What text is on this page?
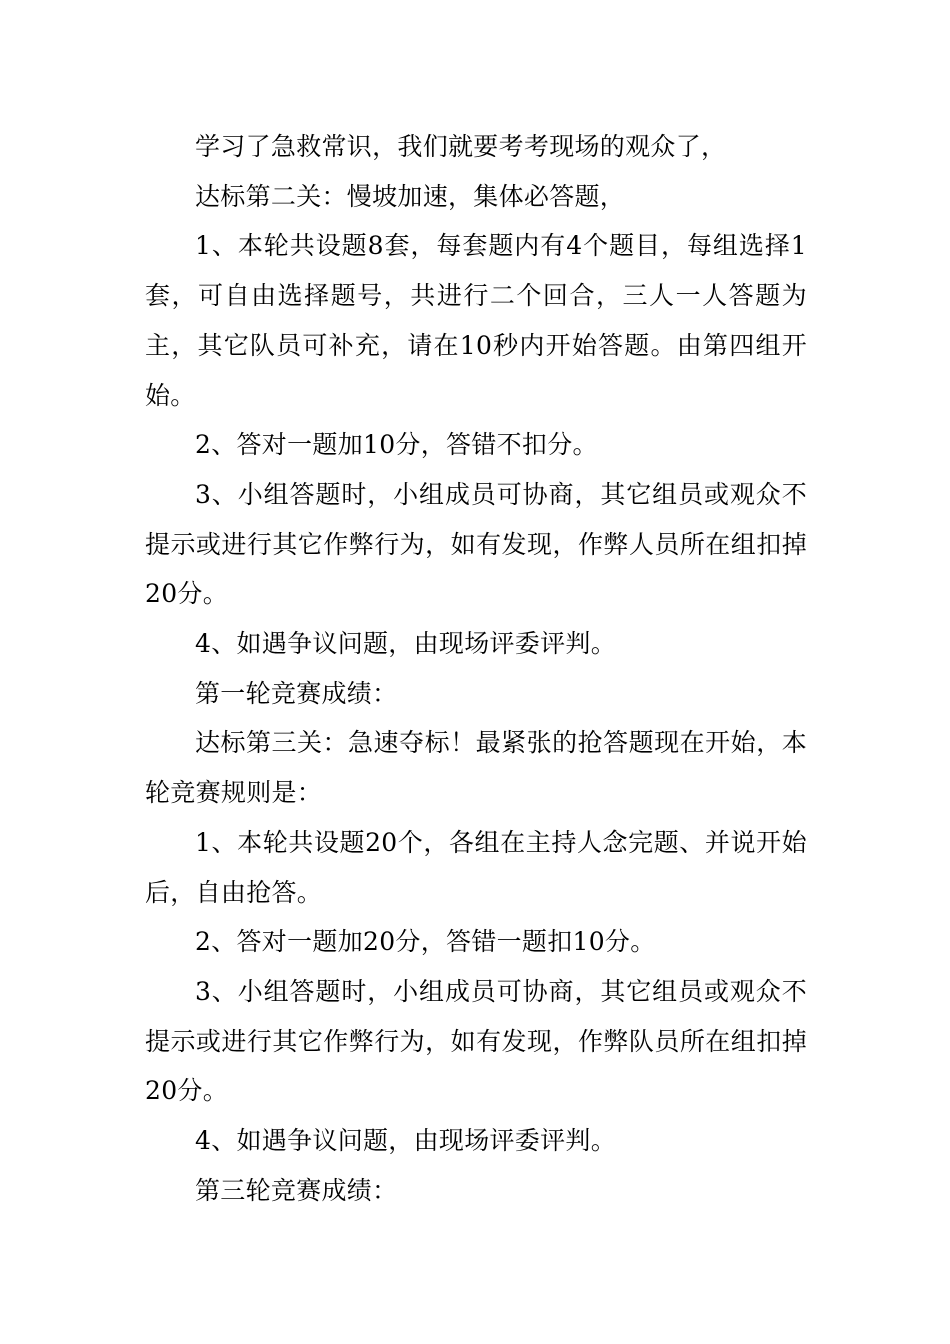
学习了急救常识，我们就要考考现场的观众了，

达标第二关：慢坡加速，集体必答题，

1、本轮共设题8套，每套题内有4个题目，每组选择1套，可自由选择题号，共进行二个回合，三人一人答题为主，其它队员可补充，请在10秒内开始答题。由第四组开始。

2、答对一题加10分，答错不扣分。

3、小组答题时，小组成员可协商，其它组员或观众不提示或进行其它作弊行为，如有发现，作弊人员所在组扣掉20分。

4、如遇争议问题，由现场评委评判。

第一轮竞赛成绩：

达标第三关：急速夺标！最紧张的抢答题现在开始，本轮竞赛规则是：

1、本轮共设题20个，各组在主持人念完题、并说开始后，自由抢答。

2、答对一题加20分，答错一题扣10分。

3、小组答题时，小组成员可协商，其它组员或观众不提示或进行其它作弊行为，如有发现，作弊队员所在组扣掉20分。

4、如遇争议问题，由现场评委评判。

第三轮竞赛成绩：
